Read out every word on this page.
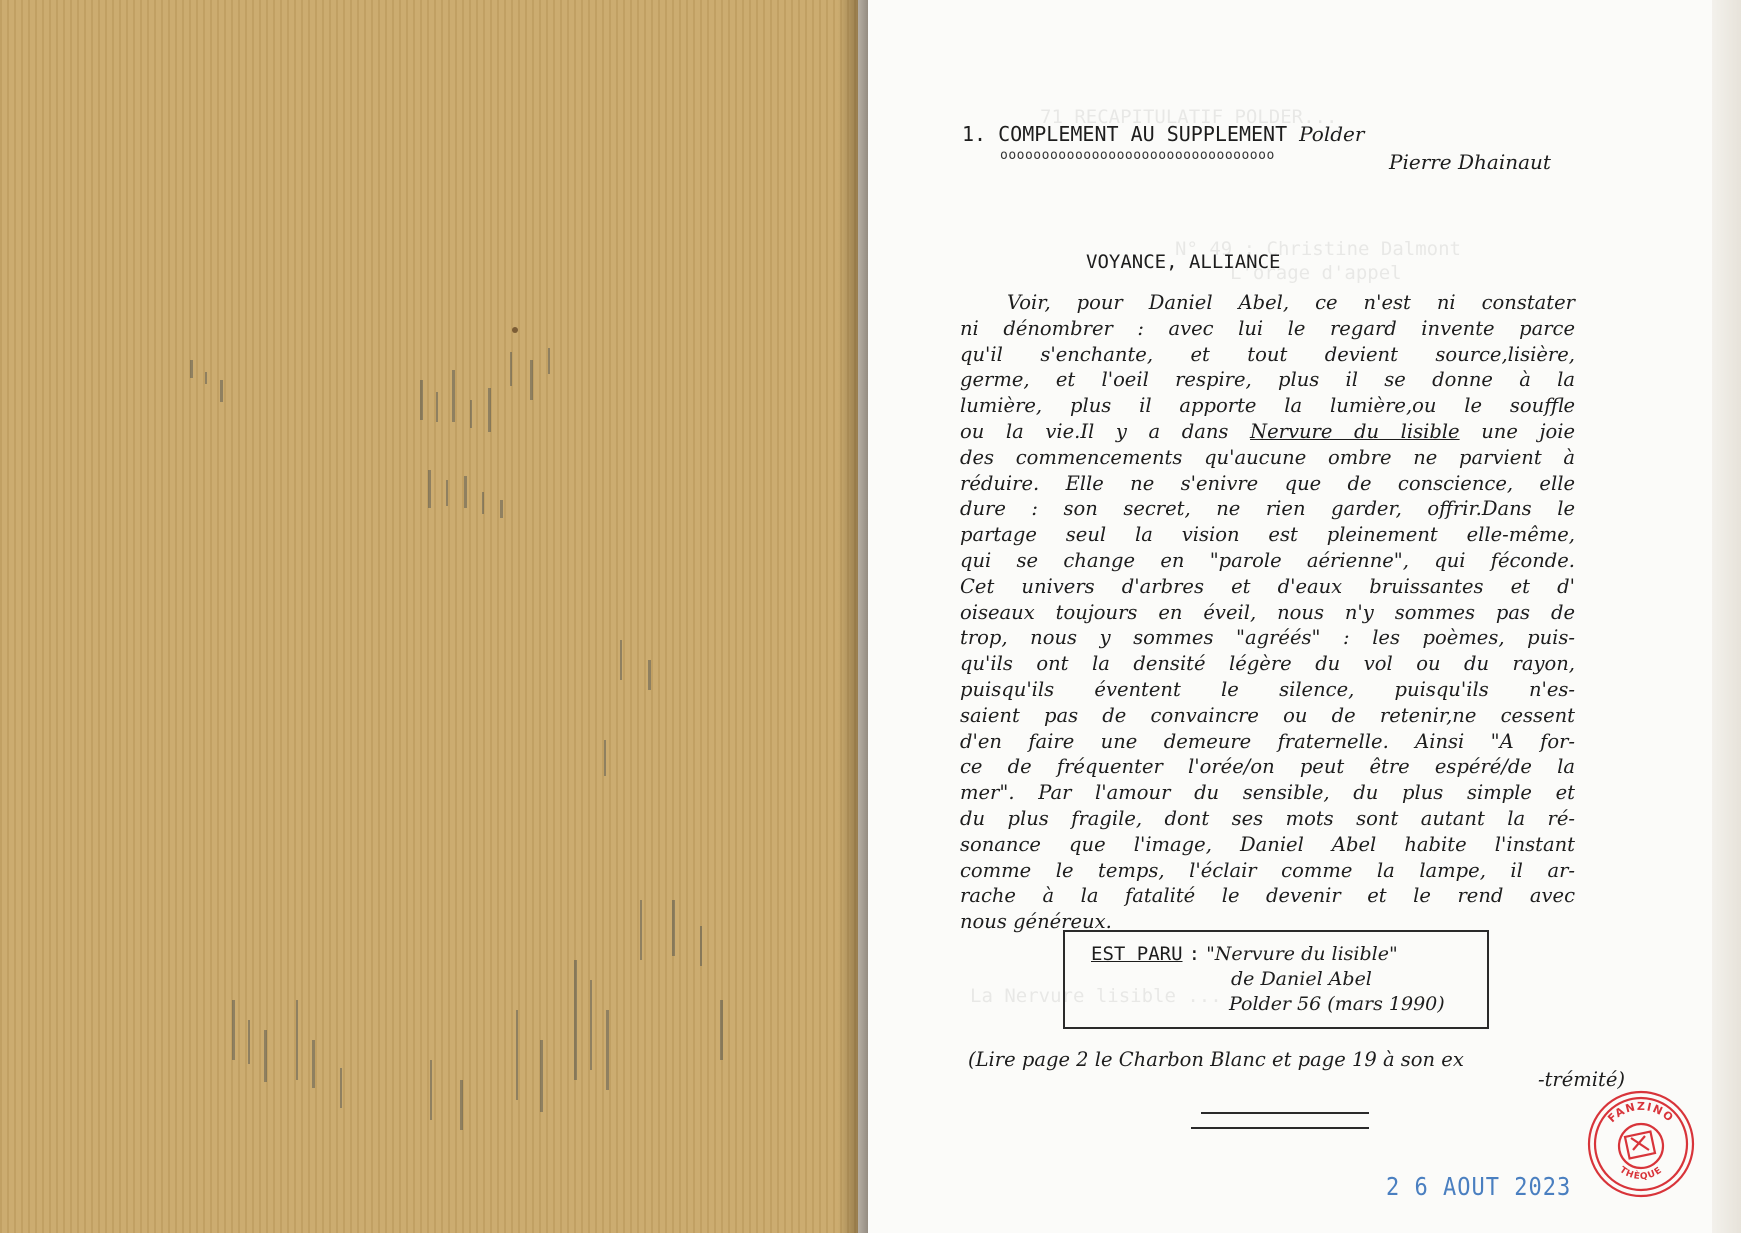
71 RECAPITULATIF POLDER...
N° 49 : Christine Dalmont
L'orage d'appel
La Nervure lisible ...
1. COMPLEMENT AU SUPPLEMENT Polder
ooooooooooooooooooooooooooooooooo	Pierre Dhainaut
VOYANCE, ALLIANCE
Voir, pour Daniel Abel, ce n'est ni constater
ni dénombrer : avec lui le regard invente parce
qu'il s'enchante, et tout devient source,lisière,
germe, et l'oeil respire, plus il se donne à la
lumière, plus il apporte la lumière,ou le souffle
ou la vie.Il y a dans Nervure du lisible une joie
des commencements qu'aucune ombre ne parvient à
réduire. Elle ne s'enivre que de conscience, elle
dure : son secret, ne rien garder, offrir.Dans le
partage seul la vision est pleinement elle-même,
qui se change en "parole aérienne", qui féconde.
Cet univers d'arbres et d'eaux bruissantes et d'
oiseaux toujours en éveil, nous n'y sommes pas de
trop, nous y sommes "agréés" : les poèmes, puis-
qu'ils ont la densité légère du vol ou du rayon,
puisqu'ils éventent le silence, puisqu'ils n'es-
saient pas de convaincre ou de retenir,ne cessent
d'en faire une demeure fraternelle. Ainsi "A for-
ce de fréquenter l'orée/on peut être espéré/de la
mer". Par l'amour du sensible, du plus simple et
du plus fragile, dont ses mots sont autant la ré-
sonance que l'image, Daniel Abel habite l'instant
comme le temps, l'éclair comme la lampe, il ar-
rache à la fatalité le devenir et le rend avec
nous généreux.
EST PARU : "Nervure du lisible"
de Daniel Abel
Polder 56 (mars 1990)
(Lire page 2 le Charbon Blanc et page 19 à son ex
-trémité)
2 6 AOUT 2023
FANZINO
THÈQUE
